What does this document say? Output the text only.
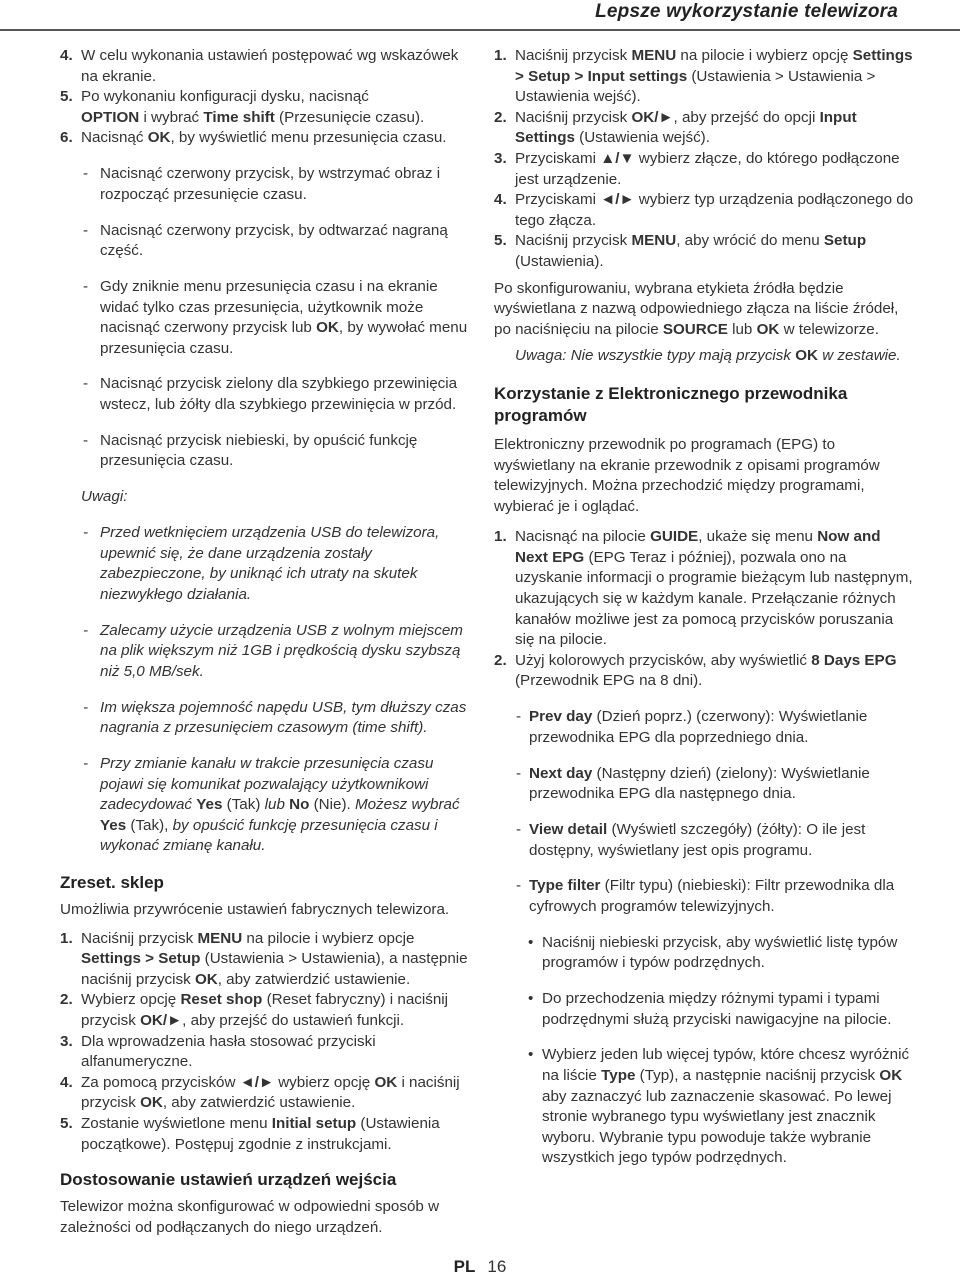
Lepsze wykorzystanie telewizora

4. W celu wykonania ustawień postępować wg wskazówek na ekranie.

5. Po wykonaniu konfiguracji dysku, nacisnąć
OPTION i wybrać Time shift (Przesunięcie czasu).

6. Nacisnąć OK, by wyświetlić menu przesunięcia czasu.

- Nacisnąć czerwony przycisk, by wstrzymać obraz i rozpocząć przesunięcie czasu.

- Nacisnąć czerwony przycisk, by odtwarzać nagraną część.

- Gdy zniknie menu przesunięcia czasu i na ekranie widać tylko czas przesunięcia, użytkownik może nacisnąć czerwony przycisk lub OK, by wywołać menu przesunięcia czasu.

- Nacisnąć przycisk zielony dla szybkiego przewinięcia wstecz, lub żółty dla szybkiego przewinięcia w przód.

- Nacisnąć przycisk niebieski, by opuścić funkcję przesunięcia czasu.

Uwagi:

- Przed wetknięciem urządzenia USB do telewizora, upewnić się, że dane urządzenia zostały zabezpieczone, by uniknąć ich utraty na skutek niezwykłego działania.

- Zalecamy użycie urządzenia USB z wolnym miejscem na plik większym niż 1GB i prędkością dysku szybszą niż 5,0 MB/sek.

- Im większa pojemność napędu USB, tym dłuższy czas nagrania z przesunięciem czasowym (time shift).

- Przy zmianie kanału w trakcie przesunięcia czasu pojawi się komunikat pozwalający użytkownikowi zadecydować Yes (Tak) lub No (Nie). Możesz wybrać Yes (Tak), by opuścić funkcję przesunięcia czasu i wykonać zmianę kanału.

Zreset. sklep

Umożliwia przywrócenie ustawień fabrycznych telewizora.

1. Naciśnij przycisk MENU na pilocie i wybierz opcje Settings > Setup (Ustawienia > Ustawienia), a następnie naciśnij przycisk OK, aby zatwierdzić ustawienie.

2. Wybierz opcję Reset shop (Reset fabryczny) i naciśnij przycisk OK/►, aby przejść do ustawień funkcji.

3. Dla wprowadzenia hasła stosować przyciski alfanumeryczne.

4. Za pomocą przycisków ◄/► wybierz opcję OK i naciśnij przycisk OK, aby zatwierdzić ustawienie.

5. Zostanie wyświetlone menu Initial setup (Ustawienia początkowe). Postępuj zgodnie z instrukcjami.

Dostosowanie ustawień urządzeń wejścia

Telewizor można skonfigurować w odpowiedni sposób w zależności od podłączanych do niego urządzeń.

1. Naciśnij przycisk MENU na pilocie i wybierz opcję Settings > Setup > Input settings (Ustawienia > Ustawienia > Ustawienia wejść).

2. Naciśnij przycisk OK/►, aby przejść do opcji Input Settings (Ustawienia wejść).

3. Przyciskami ▲/▼ wybierz złącze, do którego podłączone jest urządzenie.

4. Przyciskami ◄/► wybierz typ urządzenia podłączonego do tego złącza.

5. Naciśnij przycisk MENU, aby wrócić do menu Setup (Ustawienia).

Po skonfigurowaniu, wybrana etykieta źródła będzie wyświetlana z nazwą odpowiedniego złącza na liście źródeł, po naciśnięciu na pilocie SOURCE lub OK w telewizorze.

Uwaga: Nie wszystkie typy mają przycisk OK w zestawie.

Korzystanie z Elektronicznego przewodnika programów

Elektroniczny przewodnik po programach (EPG) to wyświetlany na ekranie przewodnik z opisami programów telewizyjnych. Można przechodzić między programami, wybierać je i oglądać.

1. Nacisnąć na pilocie GUIDE, ukaże się menu Now and Next EPG (EPG Teraz i później), pozwala ono na uzyskanie informacji o programie bieżącym lub następnym, ukazujących się w każdym kanale. Przełączanie różnych kanałów możliwe jest za pomocą przycisków poruszania się na pilocie.

2. Użyj kolorowych przycisków, aby wyświetlić 8 Days EPG (Przewodnik EPG na 8 dni).

- Prev day (Dzień poprz.) (czerwony): Wyświetlanie przewodnika EPG dla poprzedniego dnia.

- Next day (Następny dzień) (zielony): Wyświetlanie przewodnika EPG dla następnego dnia.

- View detail (Wyświetl szczegóły) (żółty): O ile jest dostępny, wyświetlany jest opis programu.

- Type filter (Filtr typu) (niebieski): Filtr przewodnika dla cyfrowych programów telewizyjnych.

• Naciśnij niebieski przycisk, aby wyświetlić listę typów programów i typów podrzędnych.

• Do przechodzenia między różnymi typami i typami podrzędnymi służą przyciski nawigacyjne na pilocie.

• Wybierz jeden lub więcej typów, które chcesz wyróżnić na liście Type (Typ), a następnie naciśnij przycisk OK aby zaznaczyć lub zaznaczenie skasować. Po lewej stronie wybranego typu wyświetlany jest znacznik wyboru. Wybranie typu powoduje także wybranie wszystkich jego typów podrzędnych.

PL 16
